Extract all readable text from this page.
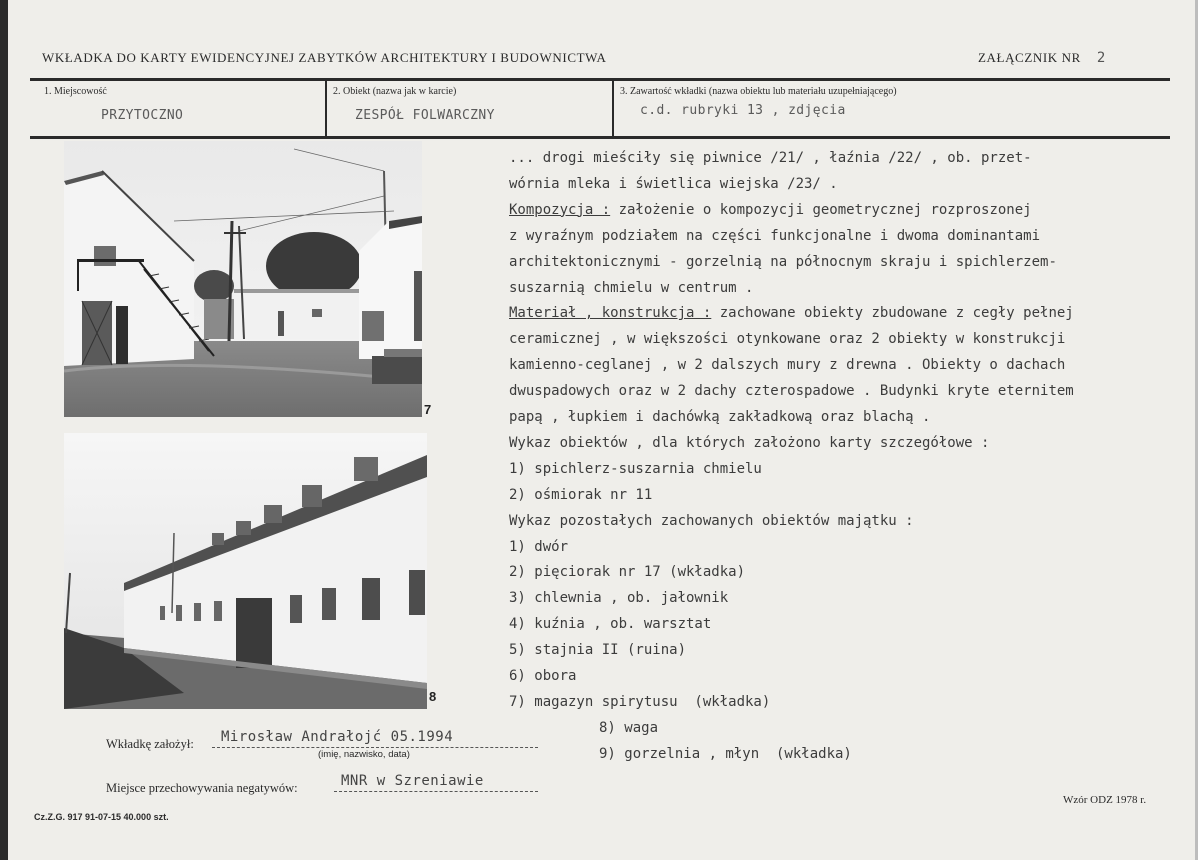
WKŁADKA DO KARTY EWIDENCYJNEJ ZABYTKÓW ARCHITEKTURY I BUDOWNICTWA	ZAŁĄCZNIK NR 2
1. Miejscowość
PRZYTOCZNO
2. Obiekt (nazwa jak w karcie)
ZESPÓŁ FOLWARCZNY
3. Zawartość wkładki (nazwa obiektu lub materiału uzupełniającego)
c.d. rubryki 13 , zdjęcia
7
8
... drogi mieściły się piwnice /21/ , łaźnia /22/ , ob. przet-
wórnia mleka i świetlica wiejska /23/ .
Kompozycja : założenie o kompozycji geometrycznej rozproszonej
z wyraźnym podziałem na części funkcjonalne i dwoma dominantami
architektonicznymi - gorzelnią na północnym skraju i spichlerzem-
suszarnią chmielu w centrum .
Materiał , konstrukcja : zachowane obiekty zbudowane z cegły pełnej
ceramicznej , w większości otynkowane oraz 2 obiekty w konstrukcji
kamienno-ceglanej , w 2 dalszych mury z drewna . Obiekty o dachach
dwuspadowych oraz w 2 dachy czterospadowe . Budynki kryte eternitem
papą , łupkiem i dachówką zakładkową oraz blachą .
Wykaz obiektów , dla których założono karty szczegółowe :
1) spichlerz-suszarnia chmielu
2) ośmiorak nr 11
Wykaz pozostałych zachowanych obiektów majątku :
1) dwór
2) pięciorak nr 17 (wkładka)
3) chlewnia , ob. jałownik
4) kuźnia , ob. warsztat
5) stajnia II (ruina)
6) obora
7) magazyn spirytusu  (wkładka)
8) waga
9) gorzelnia , młyn  (wkładka)
Wkładkę założył: Mirosław Andrałojć 05.1994
(imię, nazwisko, data)
Miejsce przechowywania negatywów:	MNR w Szreniawie
Cz.Z.G. 917 91-07-15 40.000 szt.
Wzór ODZ 1978 r.
